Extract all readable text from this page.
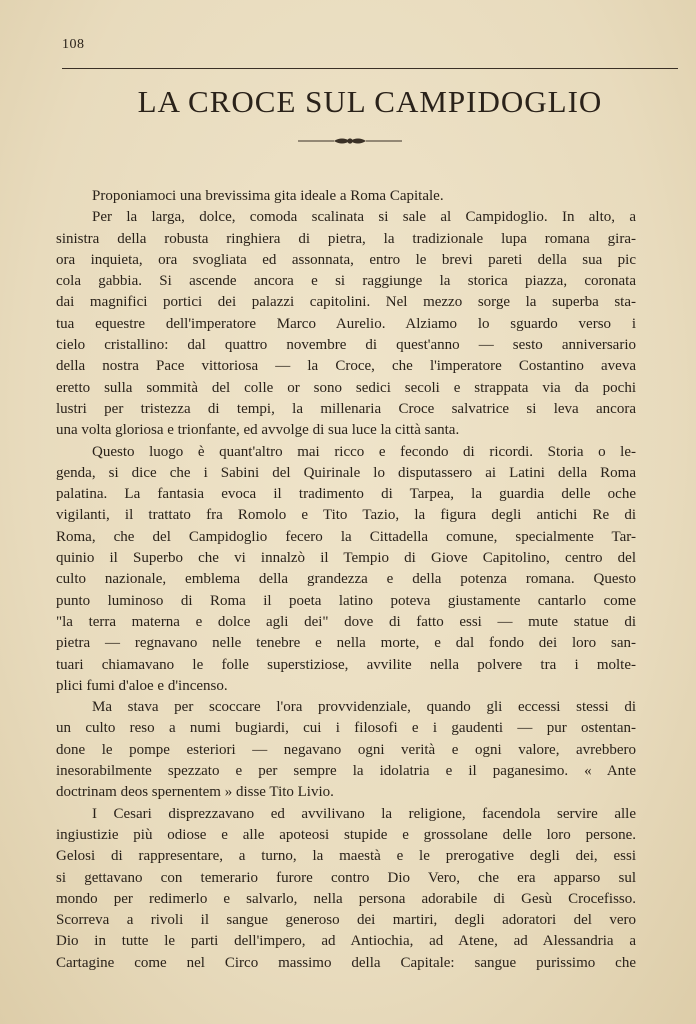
108
LA CROCE SUL CAMPIDOGLIO
Proponiamoci una brevissima gita ideale a Roma Capitale.
Per la larga, dolce, comoda scalinata si sale al Campidoglio. In alto, a
sinistra della robusta ringhiera di pietra, la tradizionale lupa romana gira-
ora inquieta, ora svogliata ed assonnata, entro le brevi pareti della sua pic
cola gabbia. Si ascende ancora e si raggiunge la storica piazza, coronata
dai magnifici portici dei palazzi capitolini. Nel mezzo sorge la superba sta-
tua equestre dell'imperatore Marco Aurelio. Alziamo lo sguardo verso i
cielo cristallino: dal quattro novembre di quest'anno — sesto anniversario
della nostra Pace vittoriosa — la Croce, che l'imperatore Costantino aveva
eretto sulla sommità del colle or sono sedici secoli e strappata via da pochi
lustri per tristezza di tempi, la millenaria Croce salvatrice si leva ancora
una volta gloriosa e trionfante, ed avvolge di sua luce la città santa.
Questo luogo è quant'altro mai ricco e fecondo di ricordi. Storia o le-
genda, si dice che i Sabini del Quirinale lo disputassero ai Latini della Roma
palatina. La fantasia evoca il tradimento di Tarpea, la guardia delle oche
vigilanti, il trattato fra Romolo e Tito Tazio, la figura degli antichi Re di
Roma, che del Campidoglio fecero la Cittadella comune, specialmente Tar-
quinio il Superbo che vi innalzò il Tempio di Giove Capitolino, centro del
culto nazionale, emblema della grandezza e della potenza romana. Questo
punto luminoso di Roma il poeta latino poteva giustamente cantarlo come
"la terra materna e dolce agli dei" dove di fatto essi — mute statue di
pietra — regnavano nelle tenebre e nella morte, e dal fondo dei loro san-
tuari chiamavano le folle superstiziose, avvilite nella polvere tra i molte-
plici fumi d'aloe e d'incenso.
Ma stava per scoccare l'ora provvidenziale, quando gli eccessi stessi di
un culto reso a numi bugiardi, cui i filosofi e i gaudenti — pur ostentan-
done le pompe esteriori — negavano ogni verità e ogni valore, avrebbero
inesorabilmente spezzato e per sempre la idolatria e il paganesimo. « Ante
doctrinam deos spernentem » disse Tito Livio.
I Cesari disprezzavano ed avvilivano la religione, facendola servire alle
ingiustizie più odiose e alle apoteosi stupide e grossolane delle loro persone.
Gelosi di rappresentare, a turno, la maestà e le prerogative degli dei, essi
si gettavano con temerario furore contro Dio Vero, che era apparso sul
mondo per redimerlo e salvarlo, nella persona adorabile di Gesù Crocefisso.
Scorreva a rivoli il sangue generoso dei martiri, degli adoratori del vero
Dio in tutte le parti dell'impero, ad Antiochia, ad Atene, ad Alessandria a
Cartagine come nel Circo massimo della Capitale: sangue purissimo che
